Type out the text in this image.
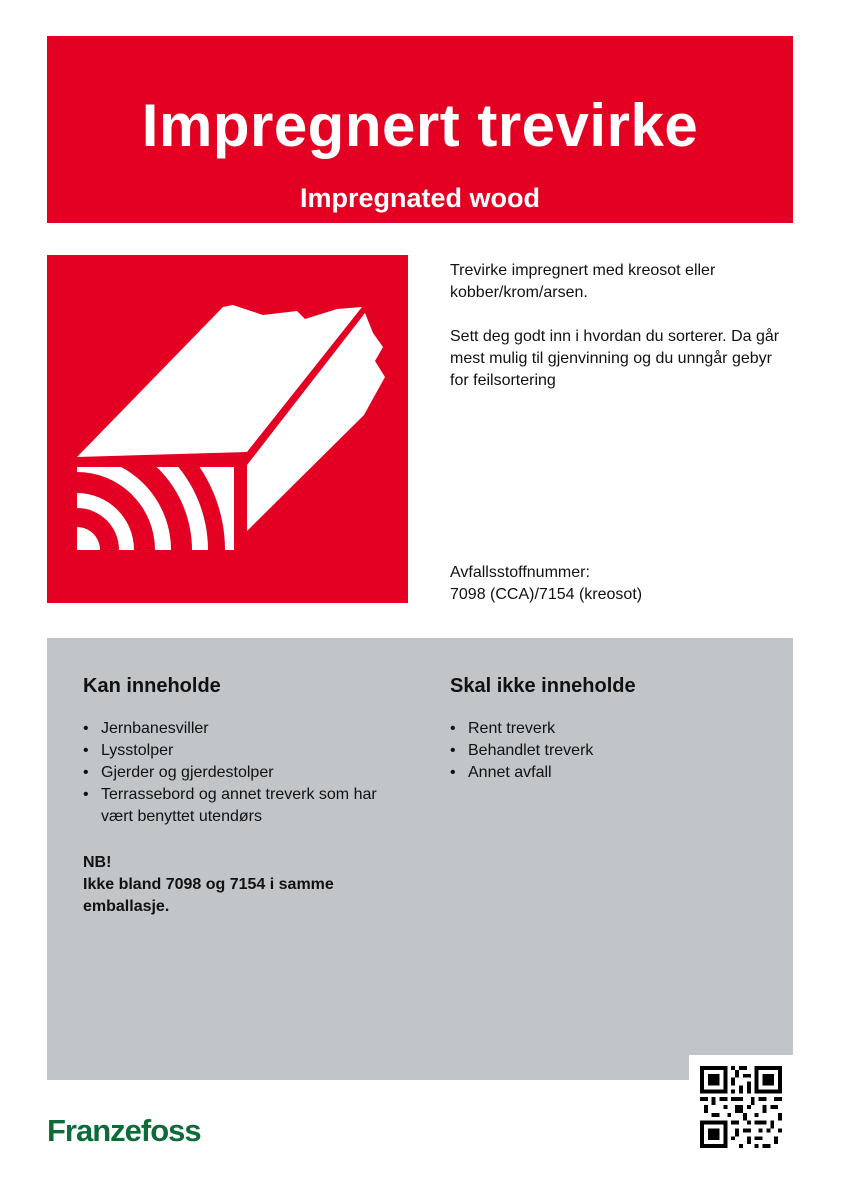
Impregnert trevirke
Impregnated wood

Trevirke impregnert med kreosot eller kobber/krom/arsen.

Sett deg godt inn i hvordan du sorterer. Da går mest mulig til gjenvinning og du unngår gebyr for feilsortering

Avfallsstoffnummer:
7098 (CCA)/7154 (kreosot)
Kan inneholde
• Jernbanesviller
• Lysstolper
• Gjerder og gjerdestolper
• Terrassebord og annet treverk som har vært benyttet utendørs
NB!
Ikke bland 7098 og 7154 i samme emballasje.
Skal ikke inneholde
• Rent treverk
• Behandlet treverk
• Annet avfall
Franzefoss
